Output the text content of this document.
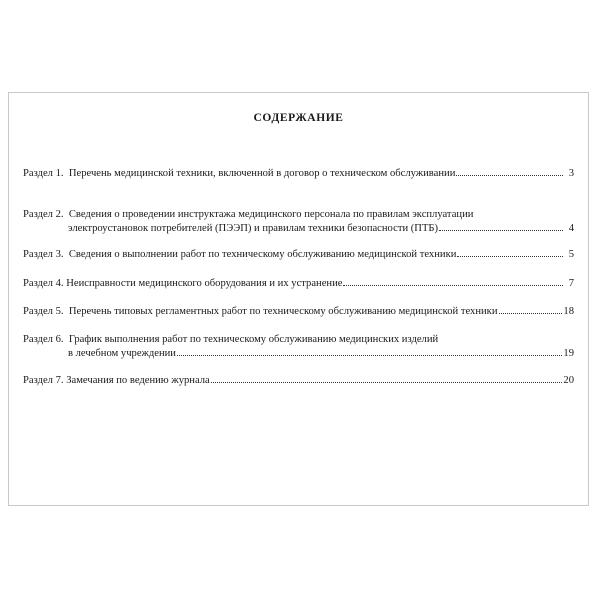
СОДЕРЖАНИЕ
Раздел 1. Перечень медицинской техники, включенной в договор о техническом обслуживании	3
Раздел 2. Сведения о проведении инструктажа медицинского персонала по правилам эксплуатации
электроустановок потребителей (ПЭЭП) и правилам техники безопасности (ПТБ)	4
Раздел 3. Сведения о выполнении работ по техническому обслуживанию медицинской техники	5
Раздел 4. Неисправности медицинского оборудования и их устранение	7
Раздел 5. Перечень типовых регламентных работ по техническому обслуживанию медицинской техники	18
Раздел 6. График выполнения работ по техническому обслуживанию медицинских изделий
в лечебном учреждении	19
Раздел 7. Замечания по ведению журнала	20
